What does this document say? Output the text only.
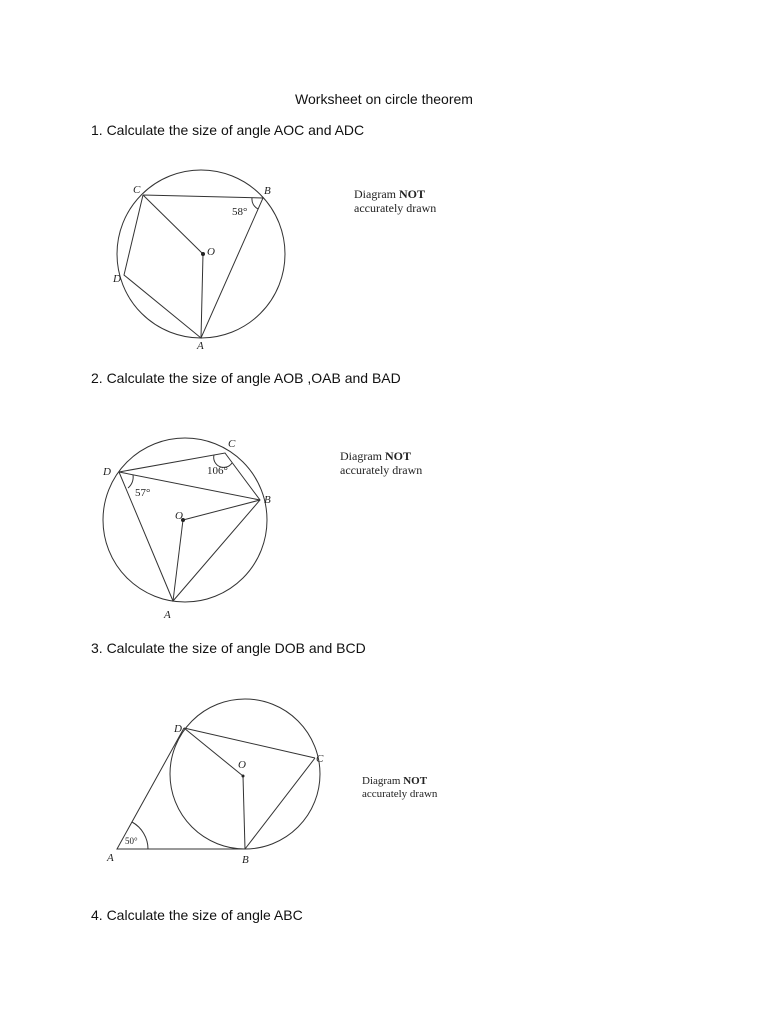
Worksheet on circle theorem
1. Calculate the size of angle AOC and ADC
C	B
O
D
A
58°
Diagram NOT
accurately drawn
2. Calculate the size of angle AOB ,OAB and BAD
C
D
B
O
A
106°
57°
Diagram NOT
accurately drawn
3. Calculate the size of angle DOB and BCD
D
O	C
A	B
50°
Diagram NOT
accurately drawn
4. Calculate the size of angle ABC
